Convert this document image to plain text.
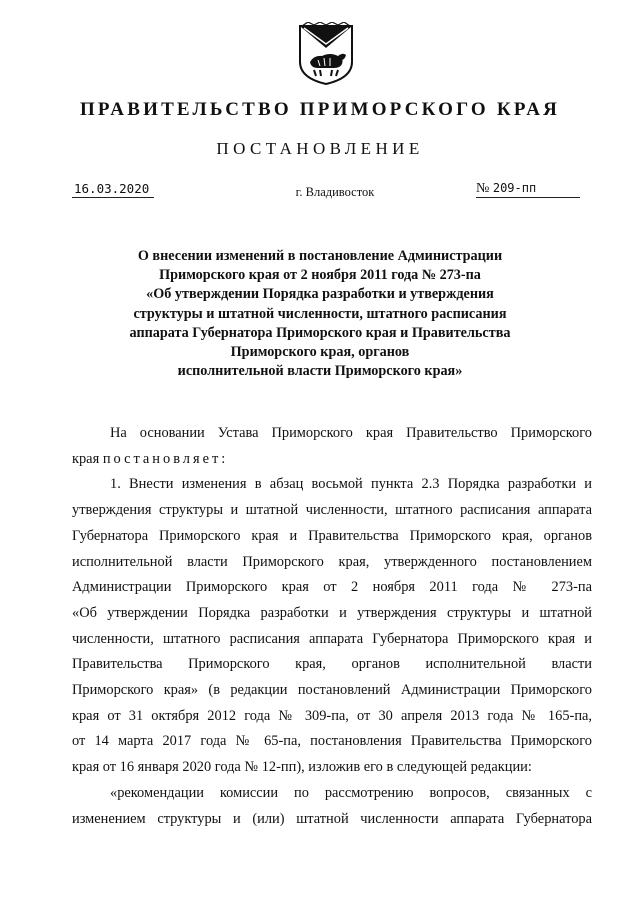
ПРАВИТЕЛЬСТВО ПРИМОРСКОГО КРАЯ
ПОСТАНОВЛЕНИЕ
16.03.2020	г. Владивосток	№ 209-пп
О внесении изменений в постановление Администрации
Приморского края от 2 ноября 2011 года № 273-па
«Об утверждении Порядка разработки и утверждения
структуры и штатной численности, штатного расписания
аппарата Губернатора Приморского края и Правительства
Приморского края, органов
исполнительной власти Приморского края»
На основании Устава Приморского края Правительство Приморского
края постановляет:
1. Внести изменения в абзац восьмой пункта 2.3 Порядка разработки и
утверждения структуры и штатной численности, штатного расписания аппарата
Губернатора Приморского края и Правительства Приморского края, органов
исполнительной власти Приморского края, утвержденного постановлением
Администрации Приморского края от 2 ноября 2011 года № 273-па
«Об утверждении Порядка разработки и утверждения структуры и штатной
численности, штатного расписания аппарата Губернатора Приморского края и
Правительства Приморского края, органов исполнительной власти
Приморского края» (в редакции постановлений Администрации Приморского
края от 31 октября 2012 года № 309-па, от 30 апреля 2013 года № 165-па,
от 14 марта 2017 года № 65-па, постановления Правительства Приморского
края от 16 января 2020 года № 12-пп), изложив его в следующей редакции:
«рекомендации комиссии по рассмотрению вопросов, связанных с
изменением структуры и (или) штатной численности аппарата Губернатора
